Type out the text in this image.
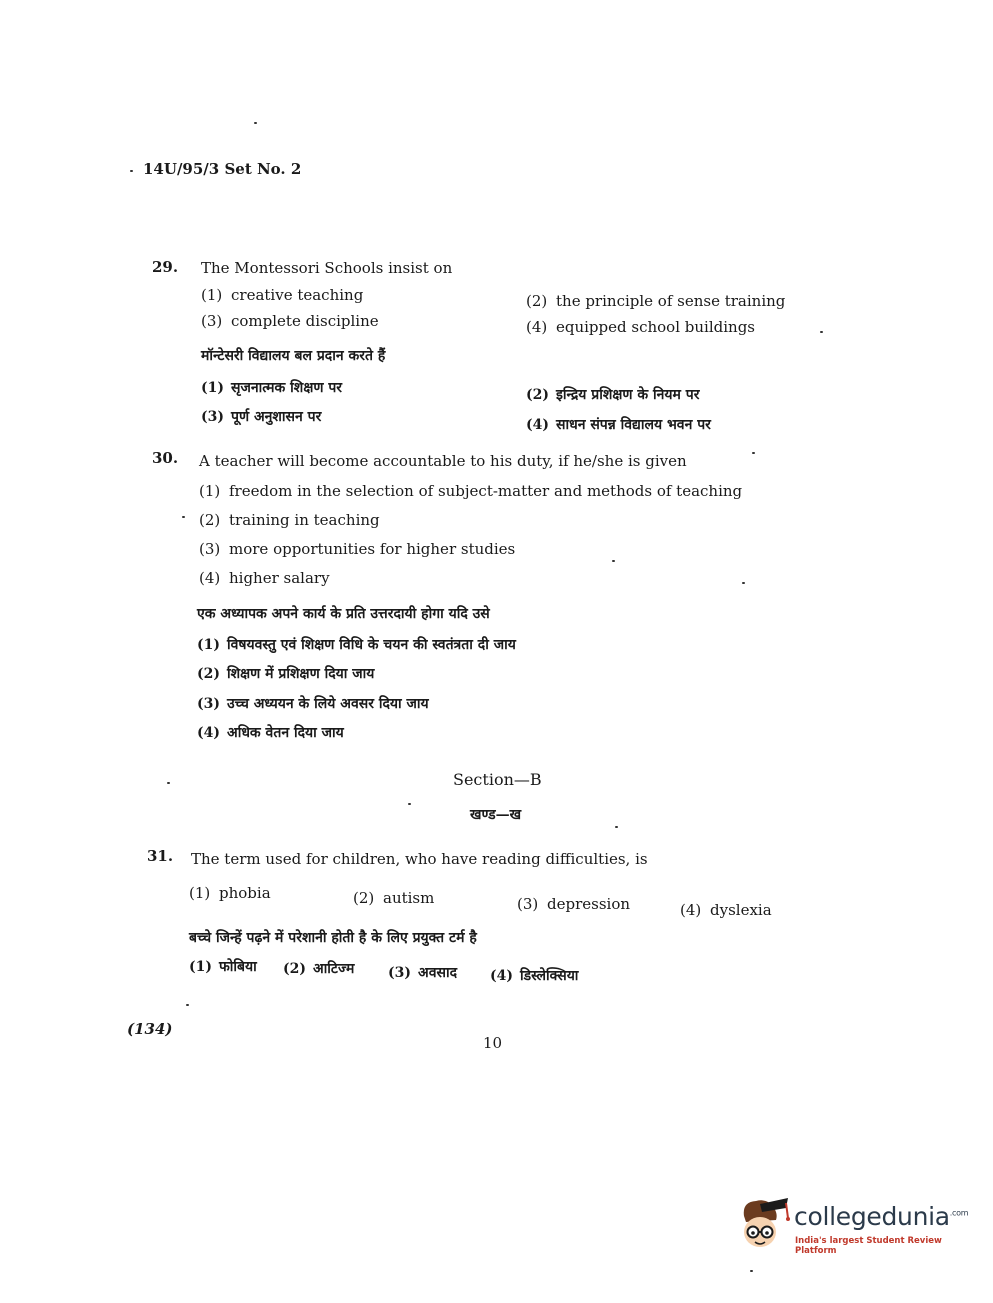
14U/95/3 Set No. 2
29. The Montessori Schools insist on
(1) creative teaching	(2) the principle of sense training
(3) complete discipline	(4) equipped school buildings
मॉन्टेसरी विद्यालय बल प्रदान करते हैं
(1) सृजनात्मक शिक्षण पर	(2) इन्द्रिय प्रशिक्षण के नियम पर
(3) पूर्ण अनुशासन पर	(4) साधन संपन्न विद्यालय भवन पर
30. A teacher will become accountable to his duty, if he/she is given
(1) freedom in the selection of subject-matter and methods of teaching
(2) training in teaching
(3) more opportunities for higher studies
(4) higher salary
एक अध्यापक अपने कार्य के प्रति उत्तरदायी होगा यदि उसे
(1) विषयवस्तु एवं शिक्षण विधि के चयन की स्वतंत्रता दी जाय
(2) शिक्षण में प्रशिक्षण दिया जाय
(3) उच्च अध्ययन के लिये अवसर दिया जाय
(4) अधिक वेतन दिया जाय
Section—B
खण्ड—ख
31. The term used for children, who have reading difficulties, is
(1) phobia	(2) autism	(3) depression	(4) dyslexia
बच्चे जिन्हें पढ़ने में परेशानी होती है के लिए प्रयुक्त टर्म है
(1) फोबिया (2) आटिज्म (3) अवसाद (4) डिस्लेक्सिया
(134)
10
collegedunia$^{.com}$
India's largest Student Review Platform
